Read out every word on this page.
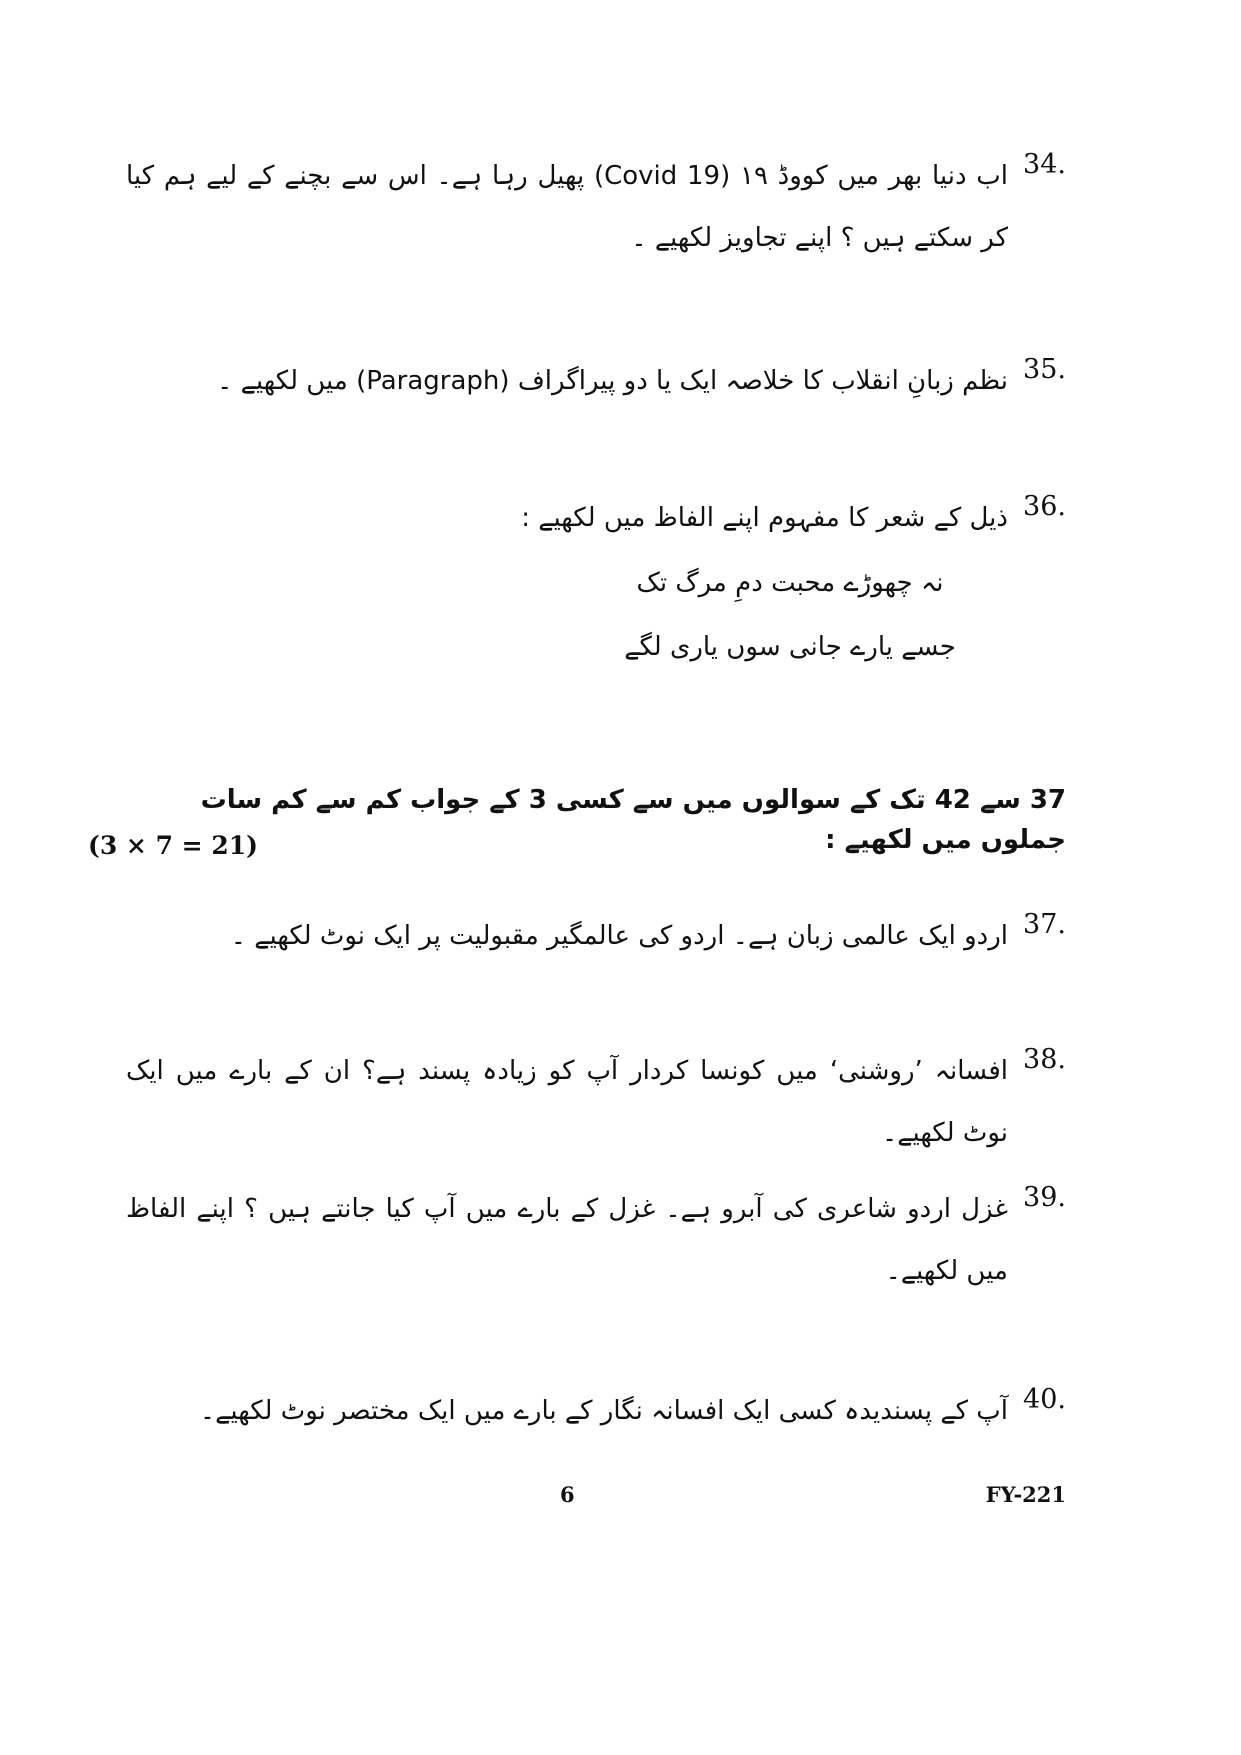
34.
اب دنیا بھر میں کووڈ ۱۹ (Covid 19) پھیل رہا ہے۔ اس سے بچنے کے لیے ہم کیا کر سکتے ہیں ؟ اپنے تجاویز لکھیے ۔
35.
نظم زبانِ انقلاب کا خلاصہ ایک یا دو پیراگراف (Paragraph) میں لکھیے ۔
36.
ذیل کے شعر کا مفہوم اپنے الفاظ میں لکھیے :
نہ چھوڑے محبت دمِ مرگ تک
جسے یارے جانی سوں یاری لگے
37 سے 42 تک کے سوالوں میں سے کسی 3 کے جواب کم سے کم سات جملوں میں لکھیے :
(3 × 7 = 21)
37.
اردو ایک عالمی زبان ہے۔ اردو کی عالمگیر مقبولیت پر ایک نوٹ لکھیے ۔
38.
افسانہ ’روشنی‘ میں کونسا کردار آپ کو زیادہ پسند ہے؟ ان کے بارے میں ایک نوٹ لکھیے۔
39.
غزل اردو شاعری کی آبرو ہے۔ غزل کے بارے میں آپ کیا جانتے ہیں ؟ اپنے الفاظ میں لکھیے۔
40.
آپ کے پسندیدہ کسی ایک افسانہ نگار کے بارے میں ایک مختصر نوٹ لکھیے۔
6	FY-221
